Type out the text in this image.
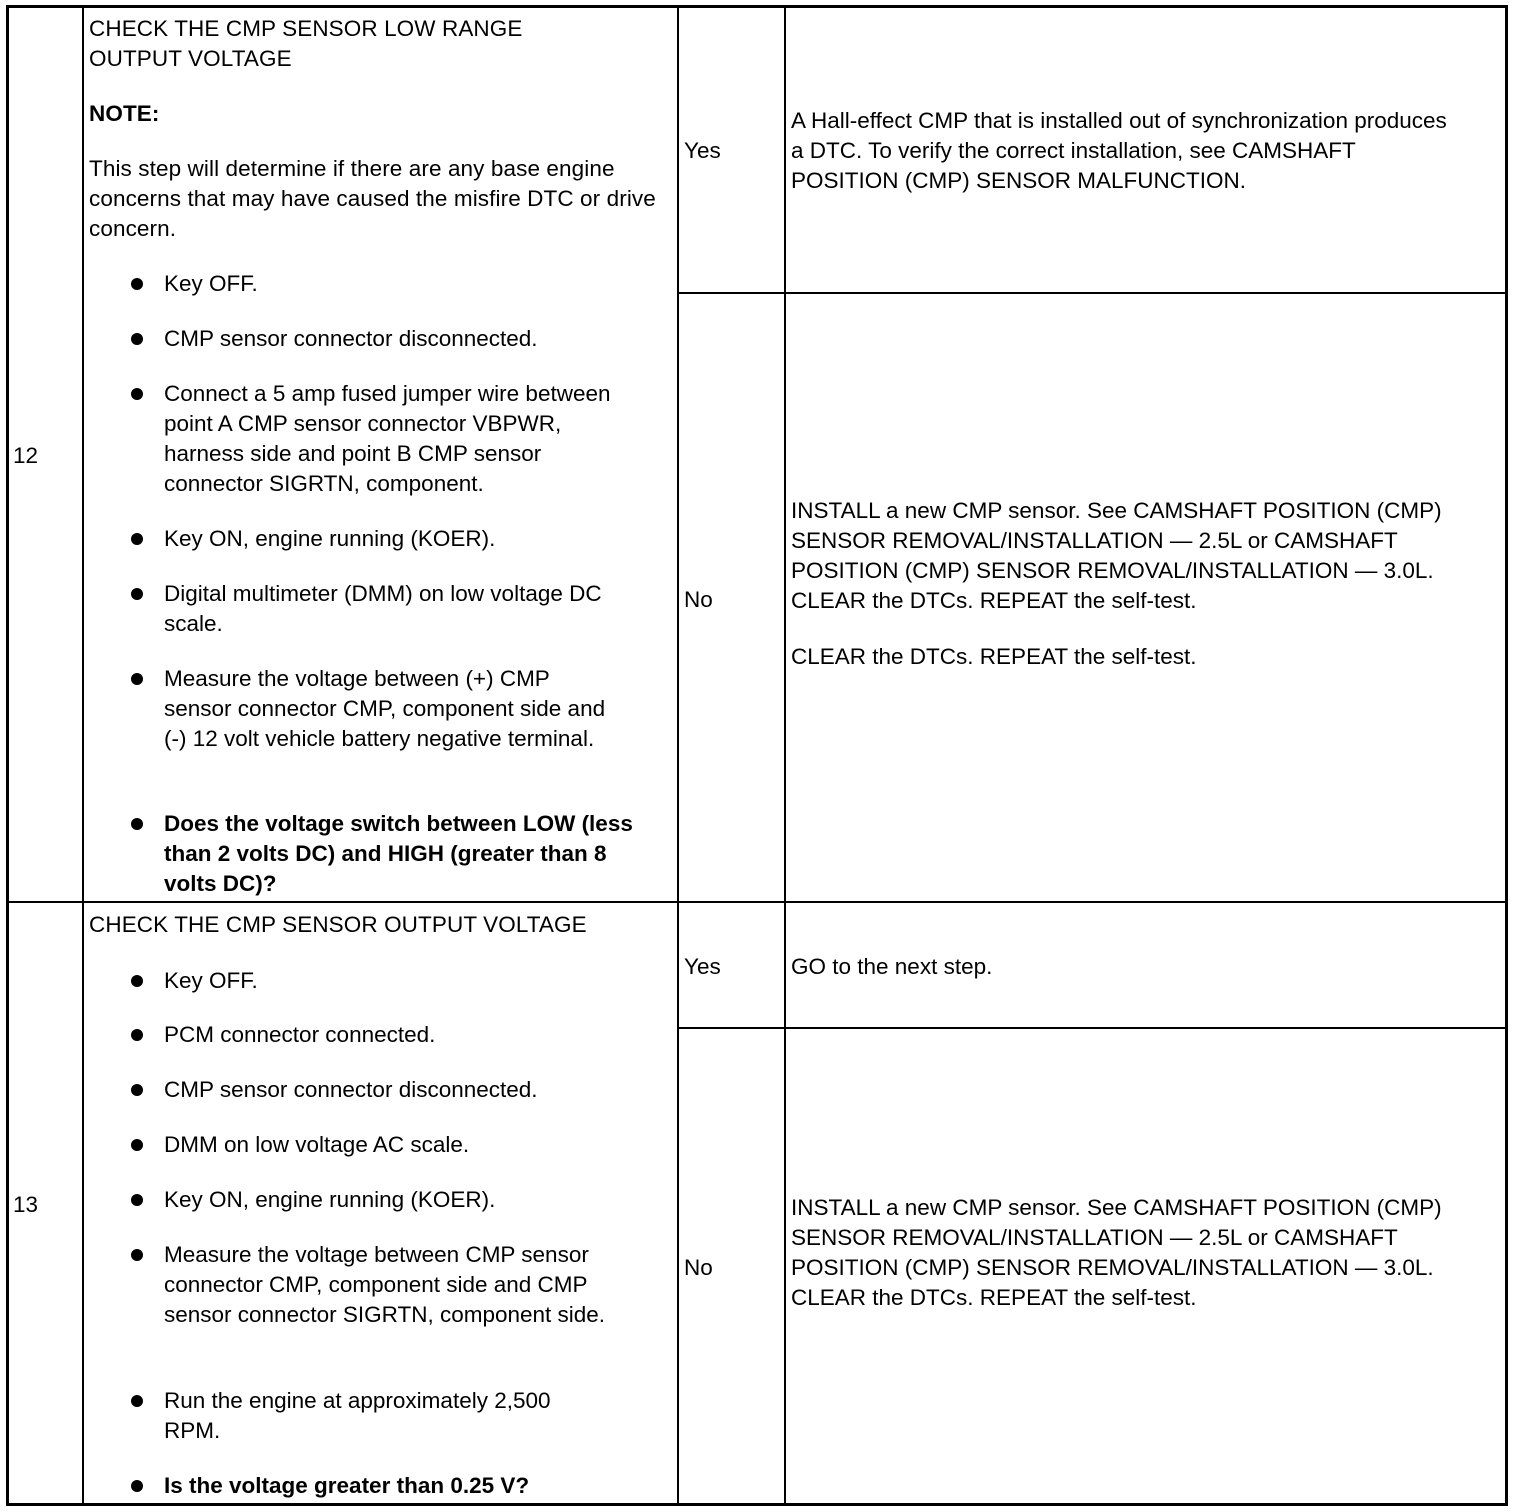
12
CHECK THE CMP SENSOR LOW RANGE
OUTPUT VOLTAGE
NOTE:
This step will determine if there are any base engine concerns that may have caused the misfire DTC or drive concern.
Key OFF.
CMP sensor connector disconnected.
Connect a 5 amp fused jumper wire between point A CMP sensor connector VBPWR, harness side and point B CMP sensor connector SIGRTN, component.
Key ON, engine running (KOER).
Digital multimeter (DMM) on low voltage DC scale.
Measure the voltage between (+) CMP sensor connector CMP, component side and (-) 12 volt vehicle battery negative terminal.
Does the voltage switch between LOW (less than 2 volts DC) and HIGH (greater than 8 volts DC)?
Yes
A Hall-effect CMP that is installed out of synchronization produces a DTC. To verify the correct installation, see CAMSHAFT POSITION (CMP) SENSOR MALFUNCTION.
No

INSTALL a new CMP sensor. See CAMSHAFT POSITION (CMP) SENSOR REMOVAL/INSTALLATION — 2.5L or CAMSHAFT POSITION (CMP) SENSOR REMOVAL/INSTALLATION — 3.0L. CLEAR the DTCs. REPEAT the self-test.

CLEAR the DTCs. REPEAT the self-test.

13
CHECK THE CMP SENSOR OUTPUT VOLTAGE
Key OFF.
PCM connector connected.
CMP sensor connector disconnected.
DMM on low voltage AC scale.
Key ON, engine running (KOER).
Measure the voltage between CMP sensor connector CMP, component side and CMP sensor connector SIGRTN, component side.
Run the engine at approximately 2,500 RPM.
Is the voltage greater than 0.25 V?
Yes	GO to the next step.
No

INSTALL a new CMP sensor. See CAMSHAFT POSITION (CMP) SENSOR REMOVAL/INSTALLATION — 2.5L or CAMSHAFT POSITION (CMP) SENSOR REMOVAL/INSTALLATION — 3.0L. CLEAR the DTCs. REPEAT the self-test.
